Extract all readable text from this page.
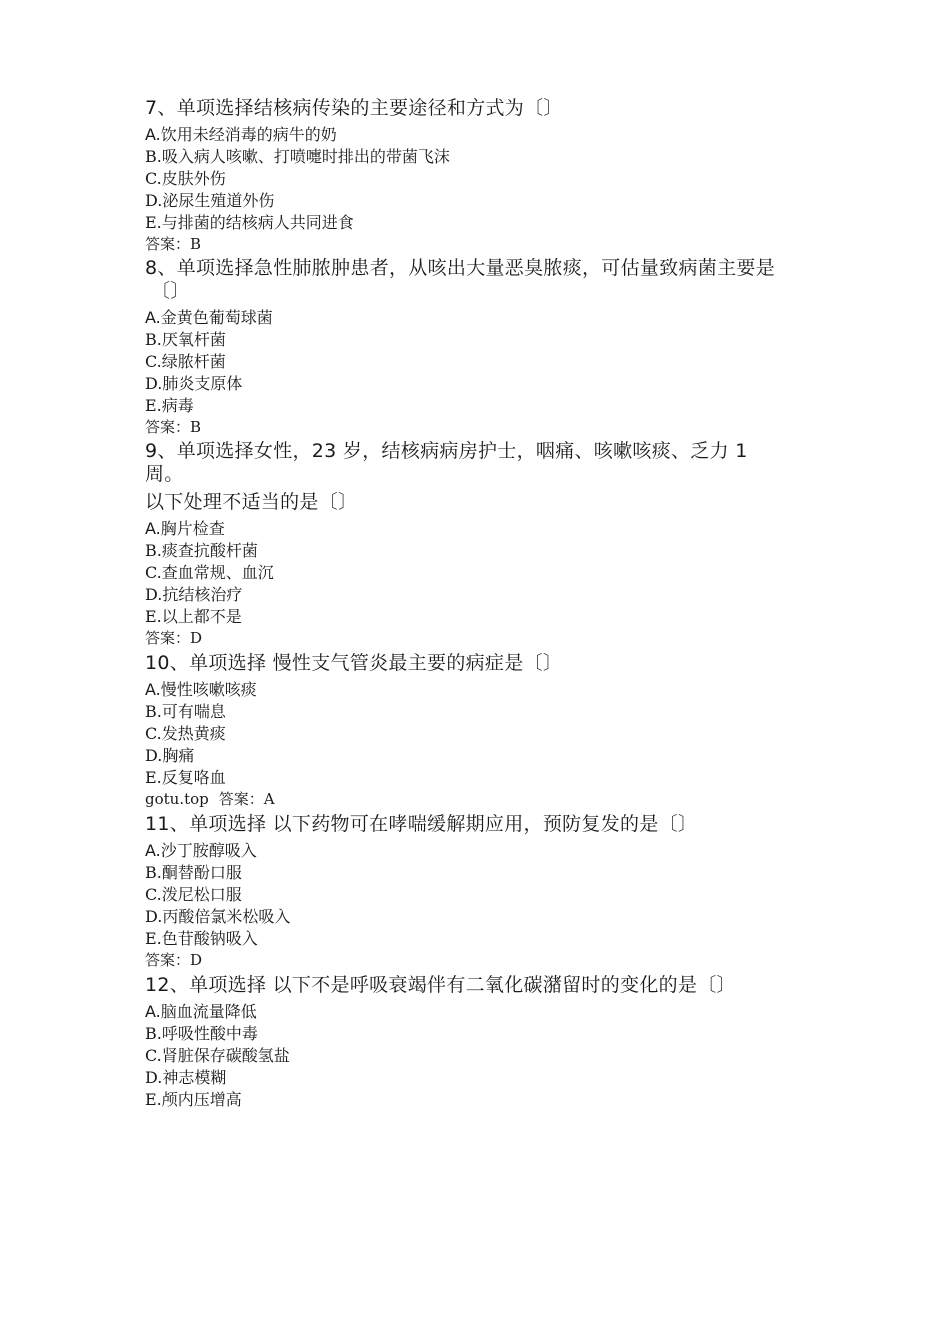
7、单项选择结核病传染的主要途径和方式为〔〕

A.饮用未经消毒的病牛的奶

B.吸入病人咳嗽、打喷嚏时排出的带菌飞沫

C.皮肤外伤

D.泌尿生殖道外伤

E.与排菌的结核病人共同进食

答案：B

8、单项选择急性肺脓肿患者，从咳出大量恶臭脓痰，可估量致病菌主要是
〔〕

A.金黄色葡萄球菌

B.厌氧杆菌

C.绿脓杆菌

D.肺炎支原体

E.病毒

答案：B

9、单项选择女性，23 岁，结核病病房护士，咽痛、咳嗽咳痰、乏力 1
周。

以下处理不适当的是〔〕

A.胸片检查

B.痰查抗酸杆菌

C.查血常规、血沉

D.抗结核治疗

E.以上都不是

答案：D

10、单项选择 慢性支气管炎最主要的病症是〔〕

A.慢性咳嗽咳痰

B.可有喘息

C.发热黄痰

D.胸痛

E.反复咯血

gotu.top 答案：A

11、单项选择 以下药物可在哮喘缓解期应用，预防复发的是〔〕

A.沙丁胺醇吸入

B.酮替酚口服

C.泼尼松口服

D.丙酸倍氯米松吸入

E.色苷酸钠吸入

答案：D

12、单项选择 以下不是呼吸衰竭伴有二氧化碳潴留时的变化的是〔〕

A.脑血流量降低

B.呼吸性酸中毒

C.肾脏保存碳酸氢盐

D.神志模糊

E.颅内压增高
